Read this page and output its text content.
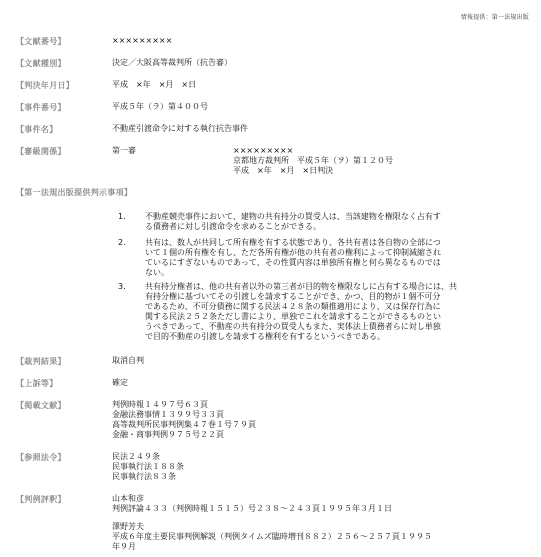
情報提供：第一法規出版
【文献番号】	×××××××××
【文献種別】	決定／大阪高等裁判所（抗告審）
【判決年月日】	平成　×年　×月　×日
【事件番号】	平成５年（ラ）第４００号
【事件名】	不動産引渡命令に対する執行抗告事件
【審級関係】	第一審	×××××××××
京都地方裁判所　平成５年（ヲ）第１２０号
平成　×年　×月　×日判決
【第一法規出版提供判示事項】
1. 不動産競売事件において、建物の共有持分の買受人は、当該建物を権限なく占有す
る債務者に対し引渡命令を求めることができる。
2. 共有は、数人が共同して所有権を有する状態であり、各共有者は各自物の全部につ
いて１個の所有権を有し、ただ各所有権が他の共有者の権利によって抑制減縮され
ているにすぎないものであって、その性質内容は単独所有権と何ら異なるものでは
ない。
3. 共有持分権者は、他の共有者以外の第三者が目的物を権限なしに占有する場合には、共
有持分権に基づいてその引渡しを請求することができ、かつ、目的物が１個不可分
であるため、不可分債務に関する民法４２８条の類推適用により、又は保存行為に
関する民法２５２条ただし書により、単独でこれを請求することができるものとい
うべきであって、不動産の共有持分の買受人もまた、実体法上債務者らに対し単独
で目的不動産の引渡しを請求する権利を有するというべきである。
【裁判結果】	取消自判
【上訴等】	確定
【掲載文献】	判例時報１４９７号６３頁
金融法務事情１３９９号３３頁
高等裁判所民事判例集４７巻１号７９頁
金融・商事判例９７５号２２頁
【参照法令】	民法２４９条
民事執行法１８８条
民事執行法８３条
【判例評釈】	山本和彦
判例評論４３３（判例時報１５１５）号２３８〜２４３頁１９９５年３月１日
澤野芳夫
平成６年度主要民事判例解説（判例タイムズ臨時増刊８８２）２５６〜２５７頁１９９５
年９月
